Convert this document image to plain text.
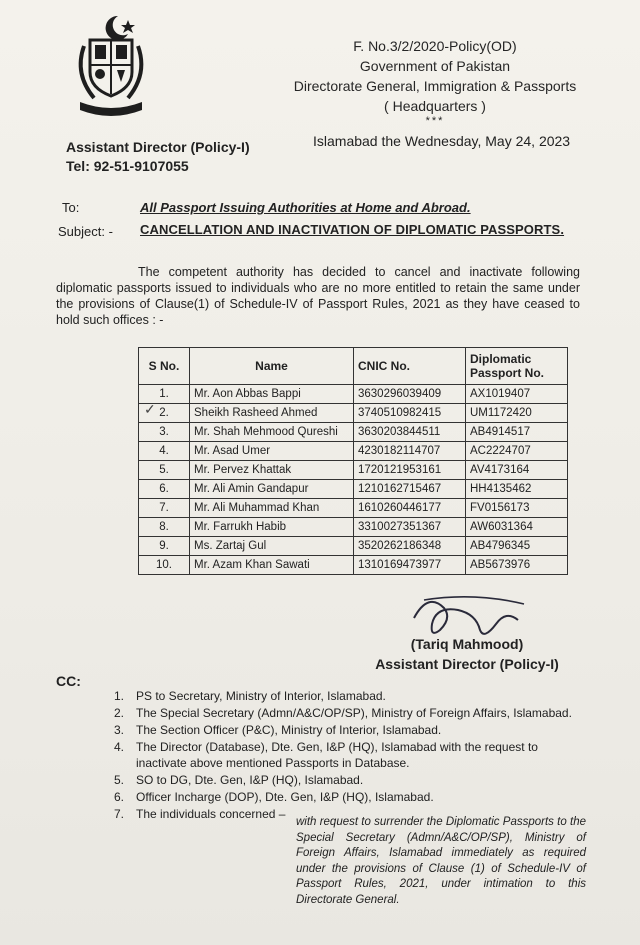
F. No.3/2/2020-Policy(OD)
Government of Pakistan
Directorate General, Immigration & Passports
( Headquarters )
***
Assistant Director (Policy-I)
Tel: 92-51-9107055
Islamabad the Wednesday, May 24, 2023
To:	All Passport Issuing Authorities at Home and Abroad.
Subject: - CANCELLATION AND INACTIVATION OF DIPLOMATIC PASSPORTS.

The competent authority has decided to cancel and inactivate following diplomatic passports issued to individuals who are no more entitled to retain the same under the provisions of Clause(1) of Schedule-IV of Passport Rules, 2021 as they have ceased to hold such offices : -

S No.	Name	CNIC No.	Diplomatic Passport No.
1.	Mr. Aon Abbas Bappi	3630296039409	AX1019407
2.	Sheikh Rasheed Ahmed	3740510982415	UM1172420
3.	Mr. Shah Mehmood Qureshi	3630203844511	AB4914517
4.	Mr. Asad Umer	4230182114707	AC2224707
5.	Mr. Pervez Khattak	1720121953161	AV4173164
6.	Mr. Ali Amin Gandapur	1210162715467	HH4135462
7.	Mr. Ali Muhammad Khan	1610260446177	FV0156173
8.	Mr. Farrukh Habib	3310027351367	AW6031364
9.	Ms. Zartaj Gul	3520262186348	AB4796345
10.	Mr. Azam Khan Sawati	1310169473977	AB5673976
✓
(Tariq Mahmood)
Assistant Director (Policy-I)
CC:
1. PS to Secretary, Ministry of Interior, Islamabad.
2. The Special Secretary (Admn/A&C/OP/SP), Ministry of Foreign Affairs, Islamabad.
3. The Section Officer (P&C), Ministry of Interior, Islamabad.
4. The Director (Database), Dte. Gen, I&P (HQ), Islamabad with the request to inactivate above mentioned Passports in Database.
5. SO to DG, Dte. Gen, I&P (HQ), Islamabad.
6. Officer Incharge (DOP), Dte. Gen, I&P (HQ), Islamabad.
7. The individuals concerned –

with request to surrender the Diplomatic Passports to the Special Secretary (Admn/A&C/OP/SP), Ministry of Foreign Affairs, Islamabad immediately as required under the provisions of Clause (1) of Schedule-IV of Passport Rules, 2021, under intimation to this Directorate General.
